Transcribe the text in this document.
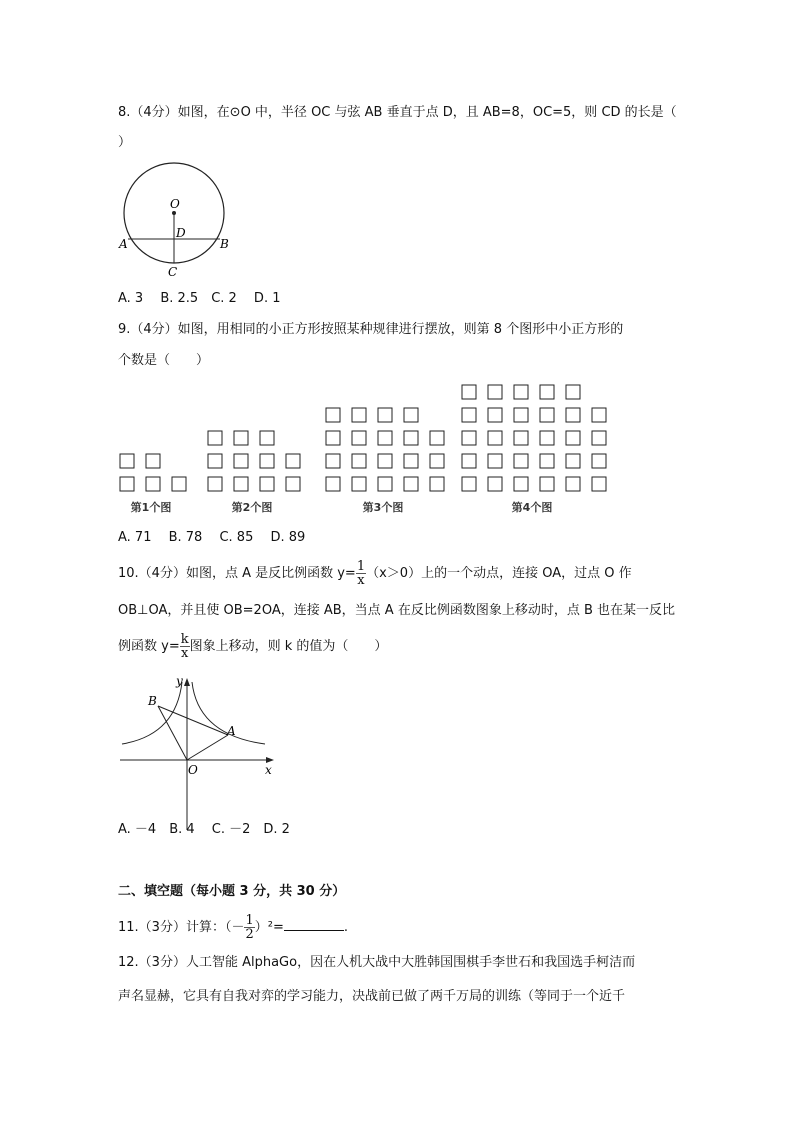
8.（4分）如图，在⊙O 中，半径 OC 与弦 AB 垂直于点 D，且 AB=8，OC=5，则 CD 的长是（
）
O
D
A	B
C
第1个图	第2个图	第3个图	第4个图
y
x
O
A
B
A. 3　 B. 2.5　C. 2　 D. 1
9.（4分）如图，用相同的小正方形按照某种规律进行摆放，则第 8 个图形中小正方形的
个数是（　　）
A. 71　 B. 78　 C. 85　 D. 89
10.（4分）如图，点 A 是反比例函数 $y= \frac{1}{x} (x>0)$上的一个动点，连接 OA，过点 O 作
OB⊥OA，并且使 OB=2OA，连接 AB，当点 A 在反比例函数图象上移动时，点 B 也在某一反比
例函数 $y= \frac{k}{x}$ 图象上移动，则 k 的值为（　　）
A. －4　B. 4　 C. －2　D. 2
二、填空题（每小题 3 分，共 30 分）
11.（3分）计算：（－ $\frac{1}{2} )^2=$	.
12.（3分）人工智能 AlphaGo，因在人机大战中大胜韩国围棋手李世石和我国选手柯洁而
声名显赫，它具有自我对弈的学习能力，决战前已做了两千万局的训练（等同于一个近千
